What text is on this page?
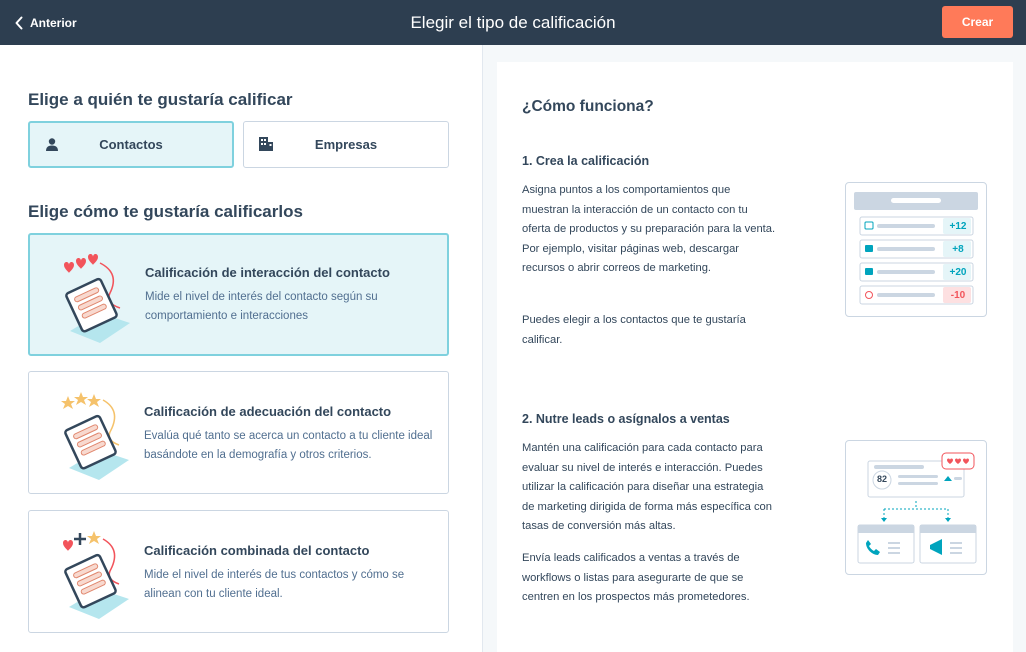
Anterior	Elegir el tipo de calificación	Crear
Elige a quién te gustaría calificar
Contactos	Empresas
Elige cómo te gustaría calificarlos
Calificación de interacción del contacto
Mide el nivel de interés del contacto según su comportamiento e interacciones
Calificación de adecuación del contacto
Evalúa qué tanto se acerca un contacto a tu cliente ideal basándote en la demografía y otros criterios.
Calificación combinada del contacto
Mide el nivel de interés de tus contactos y cómo se alinean con tu cliente ideal.
¿Cómo funciona?
1. Crea la calificación
Asigna puntos a los comportamientos que muestran la interacción de un contacto con tu oferta de productos y su preparación para la venta. Por ejemplo, visitar páginas web, descargar recursos o abrir correos de marketing.
Puedes elegir a los contactos que te gustaría calificar.
+12
+8
+20
-10
2. Nutre leads o asígnalos a ventas
Mantén una calificación para cada contacto para evaluar su nivel de interés e interacción. Puedes utilizar la calificación para diseñar una estrategia de marketing dirigida de forma más específica con tasas de conversión más altas.
Envía leads calificados a ventas a través de workflows o listas para asegurarte de que se centren en los prospectos más prometedores.
82
